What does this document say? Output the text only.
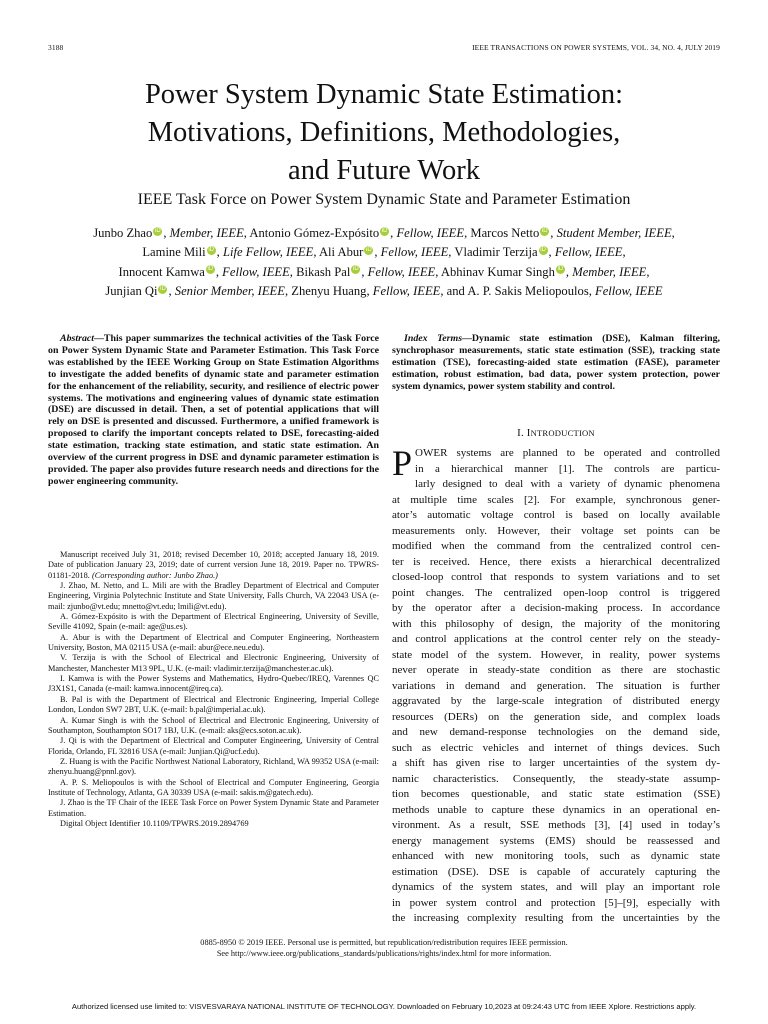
3188	IEEE TRANSACTIONS ON POWER SYSTEMS, VOL. 34, NO. 4, JULY 2019
Power System Dynamic State Estimation:
Motivations, Definitions, Methodologies,
and Future Work
IEEE Task Force on Power System Dynamic State and Parameter Estimation
Junbo Zhao iD , Member, IEEE, Antonio Gómez-Expósito iD , Fellow, IEEE, Marcos Netto iD , Student Member, IEEE,
Lamine Mili iD , Life Fellow, IEEE, Ali Abur iD , Fellow, IEEE, Vladimir Terzija iD , Fellow, IEEE,
Innocent Kamwa iD , Fellow, IEEE, Bikash Pal iD , Fellow, IEEE, Abhinav Kumar Singh iD , Member, IEEE,
Junjian Qi iD , Senior Member, IEEE, Zhenyu Huang, Fellow, IEEE, and A. P. Sakis Meliopoulos, Fellow, IEEE
Abstract—This paper summarizes the technical activities of the Task Force on Power System Dynamic State and Parameter Estimation. This Task Force was established by the IEEE Working Group on State Estimation Algorithms to investigate the added benefits of dynamic state and parameter estimation for the enhancement of the reliability, security, and resilience of electric power systems. The motivations and engineering values of dynamic state estimation (DSE) are discussed in detail. Then, a set of potential applications that will rely on DSE is presented and discussed. Furthermore, a unified framework is proposed to clarify the important concepts related to DSE, forecasting-aided state estimation, tracking state estimation, and static state estimation. An overview of the current progress in DSE and dynamic parameter estimation is provided. The paper also provides future research needs and directions for the power engineering community.

Manuscript received July 31, 2018; revised December 10, 2018; accepted January 18, 2019. Date of publication January 23, 2019; date of current version June 18, 2019. Paper no. TPWRS-01181-2018. (Corresponding author: Junbo Zhao.)

J. Zhao, M. Netto, and L. Mili are with the Bradley Department of Electrical and Computer Engineering, Virginia Polytechnic Institute and State University, Falls Church, VA 22043 USA (e-mail: zjunbo@vt.edu; mnetto@vt.edu; lmili@vt.edu).

A. Gómez-Expósito is with the Department of Electrical Engineering, University of Seville, Seville 41092, Spain (e-mail: age@us.es).

A. Abur is with the Department of Electrical and Computer Engineering, Northeastern University, Boston, MA 02115 USA (e-mail: abur@ece.neu.edu).

V. Terzija is with the School of Electrical and Electronic Engineering, University of Manchester, Manchester M13 9PL, U.K. (e-mail: vladimir.terzija@manchester.ac.uk).

I. Kamwa is with the Power Systems and Mathematics, Hydro-Quebec/IREQ, Varennes QC J3X1S1, Canada (e-mail: kamwa.innocent@ireq.ca).

B. Pal is with the Department of Electrical and Electronic Engineering, Imperial College London, London SW7 2BT, U.K. (e-mail: b.pal@imperial.ac.uk).

A. Kumar Singh is with the School of Electrical and Electronic Engineering, University of Southampton, Southampton SO17 1BJ, U.K. (e-mail: aks@ecs.soton.ac.uk).

J. Qi is with the Department of Electrical and Computer Engineering, University of Central Florida, Orlando, FL 32816 USA (e-mail: Junjian.Qi@ucf.edu).

Z. Huang is with the Pacific Northwest National Laboratory, Richland, WA 99352 USA (e-mail: zhenyu.huang@pnnl.gov).

A. P. S. Meliopoulos is with the School of Electrical and Computer Engineering, Georgia Institute of Technology, Atlanta, GA 30339 USA (e-mail: sakis.m@gatech.edu).

J. Zhao is the TF Chair of the IEEE Task Force on Power System Dynamic State and Parameter Estimation.

Digital Object Identifier 10.1109/TPWRS.2019.2894769

Index Terms—Dynamic state estimation (DSE), Kalman filtering, synchrophasor measurements, static state estimation (SSE), tracking state estimation (TSE), forecasting-aided state estimation (FASE), parameter estimation, robust estimation, bad data, power system protection, power system dynamics, power system stability and control.
I. INTRODUCTION
P OWER systems are planned to be operated and controlled
in a hierarchical manner [1]. The controls are particu-
larly designed to deal with a variety of dynamic phenomena
at multiple time scales [2]. For example, synchronous gener-
ator’s automatic voltage control is based on locally available
measurements only. However, their voltage set points can be
modified when the command from the centralized control cen-
ter is received. Hence, there exists a hierarchical decentralized
closed-loop control that responds to system variations and to set
point changes. The centralized open-loop control is triggered
by the operator after a decision-making process. In accordance
with this philosophy of design, the majority of the monitoring
and control applications at the control center rely on the steady-
state model of the system. However, in reality, power systems
never operate in steady-state condition as there are stochastic
variations in demand and generation. The situation is further
aggravated by the large-scale integration of distributed energy
resources (DERs) on the generation side, and complex loads
and new demand-response technologies on the demand side,
such as electric vehicles and internet of things devices. Such
a shift has given rise to larger uncertainties of the system dy-
namic characteristics. Consequently, the steady-state assump-
tion becomes questionable, and static state estimation (SSE)
methods unable to capture these dynamics in an operational en-
vironment. As a result, SSE methods [3], [4] used in today’s
energy management systems (EMS) should be reassessed and
enhanced with new monitoring tools, such as dynamic state
estimation (DSE). DSE is capable of accurately capturing the
dynamics of the system states, and will play an important role
in power system control and protection [5]–[9], especially with
the increasing complexity resulting from the uncertainties by the
0885-8950 © 2019 IEEE. Personal use is permitted, but republication/redistribution requires IEEE permission.
See http://www.ieee.org/publications_standards/publications/rights/index.html for more information.
Authorized licensed use limited to: VISVESVARAYA NATIONAL INSTITUTE OF TECHNOLOGY. Downloaded on February 10,2023 at 09:24:43 UTC from IEEE Xplore. Restrictions apply.
